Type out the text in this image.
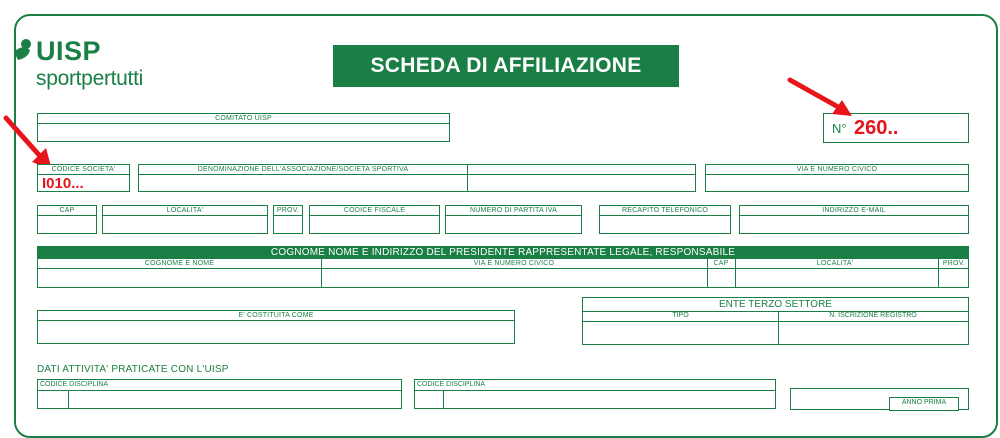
UISP
sportpertutti
SCHEDA DI AFFILIAZIONE
COMITATO UISP
N° 260..
CODICE SOCIETA'
I010...
DENOMINAZIONE DELL'ASSOCIAZIONE/SOCIETA SPORTIVA	VIA E NUMERO CIVICO
CAP	LOCALITA'	PROV.	CODICE FISCALE	NUMERO DI PARTITA IVA	RECAPITO TELEFONICO	INDIRIZZO E-MAIL
COGNOME NOME E INDIRIZZO DEL PRESIDENTE RAPPRESENTATE LEGALE, RESPONSABILE
COGNOME E NOME	VIA E NUMERO CIVICO	CAP	LOCALITA'	PROV.
E' COSTITUITA COME
ENTE TERZO SETTORE
TIPO	N. ISCRIZIONE REGISTRO
DATI ATTIVITA' PRATICATE CON L'UISP
CODICE DISCIPLINA	CODICE DISCIPLINA
ANNO PRIMA
